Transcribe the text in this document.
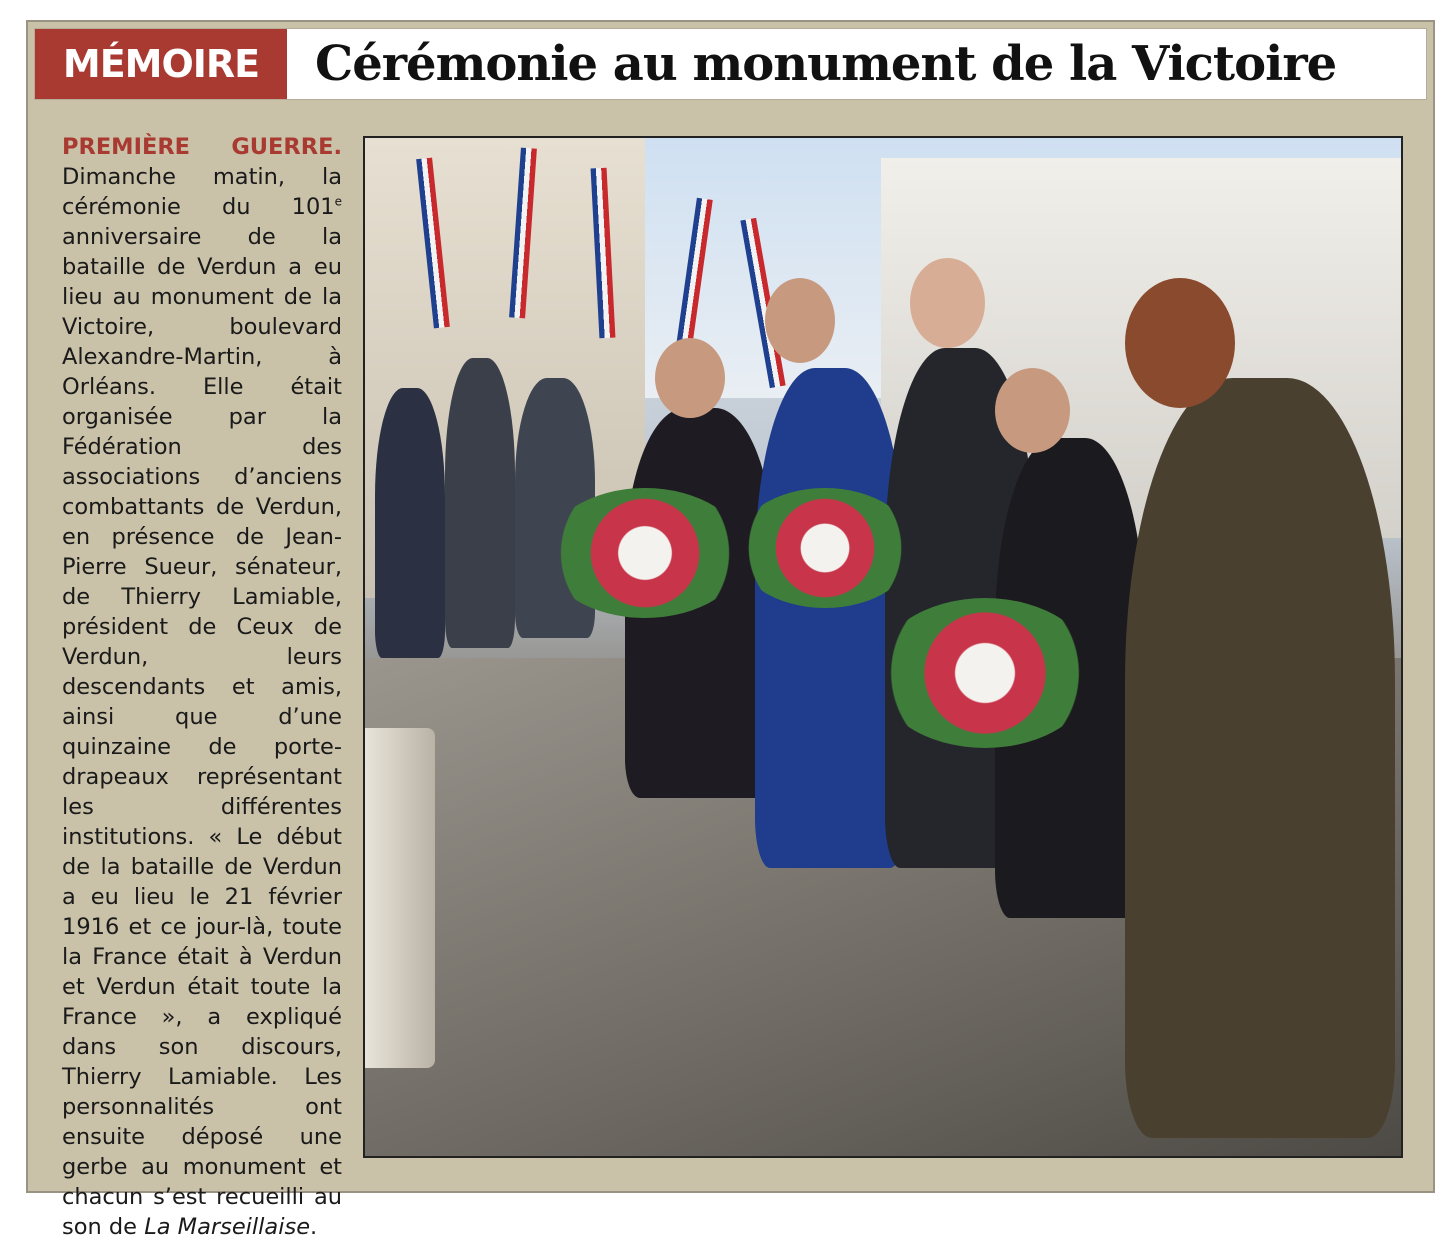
MÉMOIRE	Cérémonie au monument de la Victoire
PREMIÈRE GUERRE. Dimanche matin, la cérémonie du 101e anniversaire de la bataille de Verdun a eu lieu au monument de la Victoire, boulevard Alexandre-Martin, à Orléans. Elle était organisée par la Fédération des associations d’anciens combattants de Verdun, en présence de Jean-Pierre Sueur, sénateur, de Thierry Lamiable, président de Ceux de Verdun, leurs descendants et amis, ainsi que d’une quinzaine de porte-drapeaux représentant les différentes institutions. « Le début de la bataille de Verdun a eu lieu le 21 février 1916 et ce jour-là, toute la France était à Verdun et Verdun était toute la France », a expliqué dans son discours, Thierry Lamiable. Les personnalités ont ensuite déposé une gerbe au monument et chacun s’est recueilli au son de La Marseillaise.
